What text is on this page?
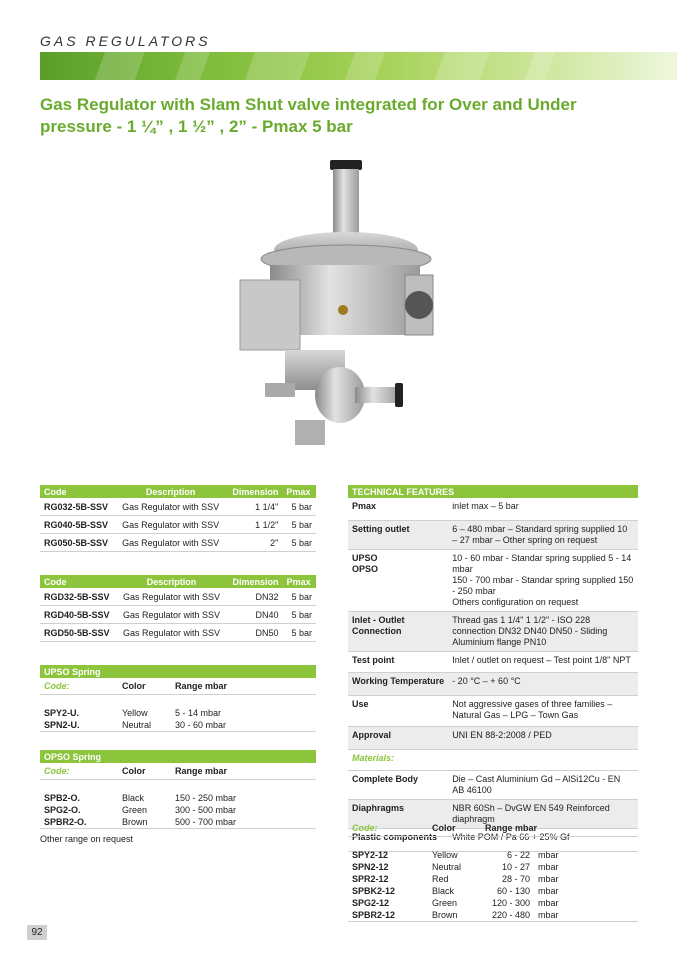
GAS REGULATORS
Gas Regulator with Slam Shut valve integrated for Over and Under pressure - 1 ¼” , 1 ½” , 2” - Pmax 5 bar
Code	Description	Dimension	Pmax
RG032-5B-SSV	Gas Regulator with SSV	1 1/4"	5 bar
RG040-5B-SSV	Gas Regulator with SSV	1 1/2"	5 bar
RG050-5B-SSV	Gas Regulator with SSV	2"	5 bar
Code	Description	Dimension	Pmax
RGD32-5B-SSV	Gas Regulator with SSV	DN32	5 bar
RGD40-5B-SSV	Gas Regulator with SSV	DN40	5 bar
RGD50-5B-SSV	Gas Regulator with SSV	DN50	5 bar
UPSO Spring		
Code:	Color	Range mbar

SPY2-U.	Yellow	5 - 14 mbar
SPN2-U.	Neutral	30 - 60 mbar
OPSO Spring		
Code:	Color	Range mbar

SPB2-O.	Black	150 - 250 mbar
SPG2-O.	Green	300 - 500 mbar
SPBR2-O.	Brown	500 - 700 mbar
Other range on request
TECHNICAL FEATURES	
Pmax	inlet max – 5 bar
Setting outlet	6 – 480 mbar – Standard spring supplied 10 – 27 mbar – Other spring on request
UPSO
OPSO	10 - 60 mbar - Standar spring supplied 5 - 14 mbar
150 - 700 mbar - Standar spring supplied 150 - 250 mbar
Others configuration on request
Inlet - Outlet Connection	Thread gas 1 1/4" 1 1/2" - ISO 228 connection DN32 DN40 DN50 - Sliding Aluminium flange PN10
Test point	Inlet / outlet on request – Test point 1/8" NPT
Working Temperature	- 20 °C – + 60 °C
Use	Not aggressive gases of three families – Natural Gas – LPG – Town Gas
Approval	UNI EN 88-2:2008 / PED
Materials:	
Complete Body	Die – Cast Aluminium Gd – AlSi12Cu - EN AB 46100
Diaphragms	NBR 60Sh – DvGW EN 549 Reinforced diaphragm
Plastic components	White POM / Pa 66 + 25% Gf
Code:	Color	Range mbar	

SPY2-12	Yellow	6 - 22	mbar
SPN2-12	Neutral	10 - 27	mbar
SPR2-12	Red	28 - 70	mbar
SPBK2-12	Black	60 - 130	mbar
SPG2-12	Green	120 - 300	mbar
SPBR2-12	Brown	220 - 480	mbar
92
